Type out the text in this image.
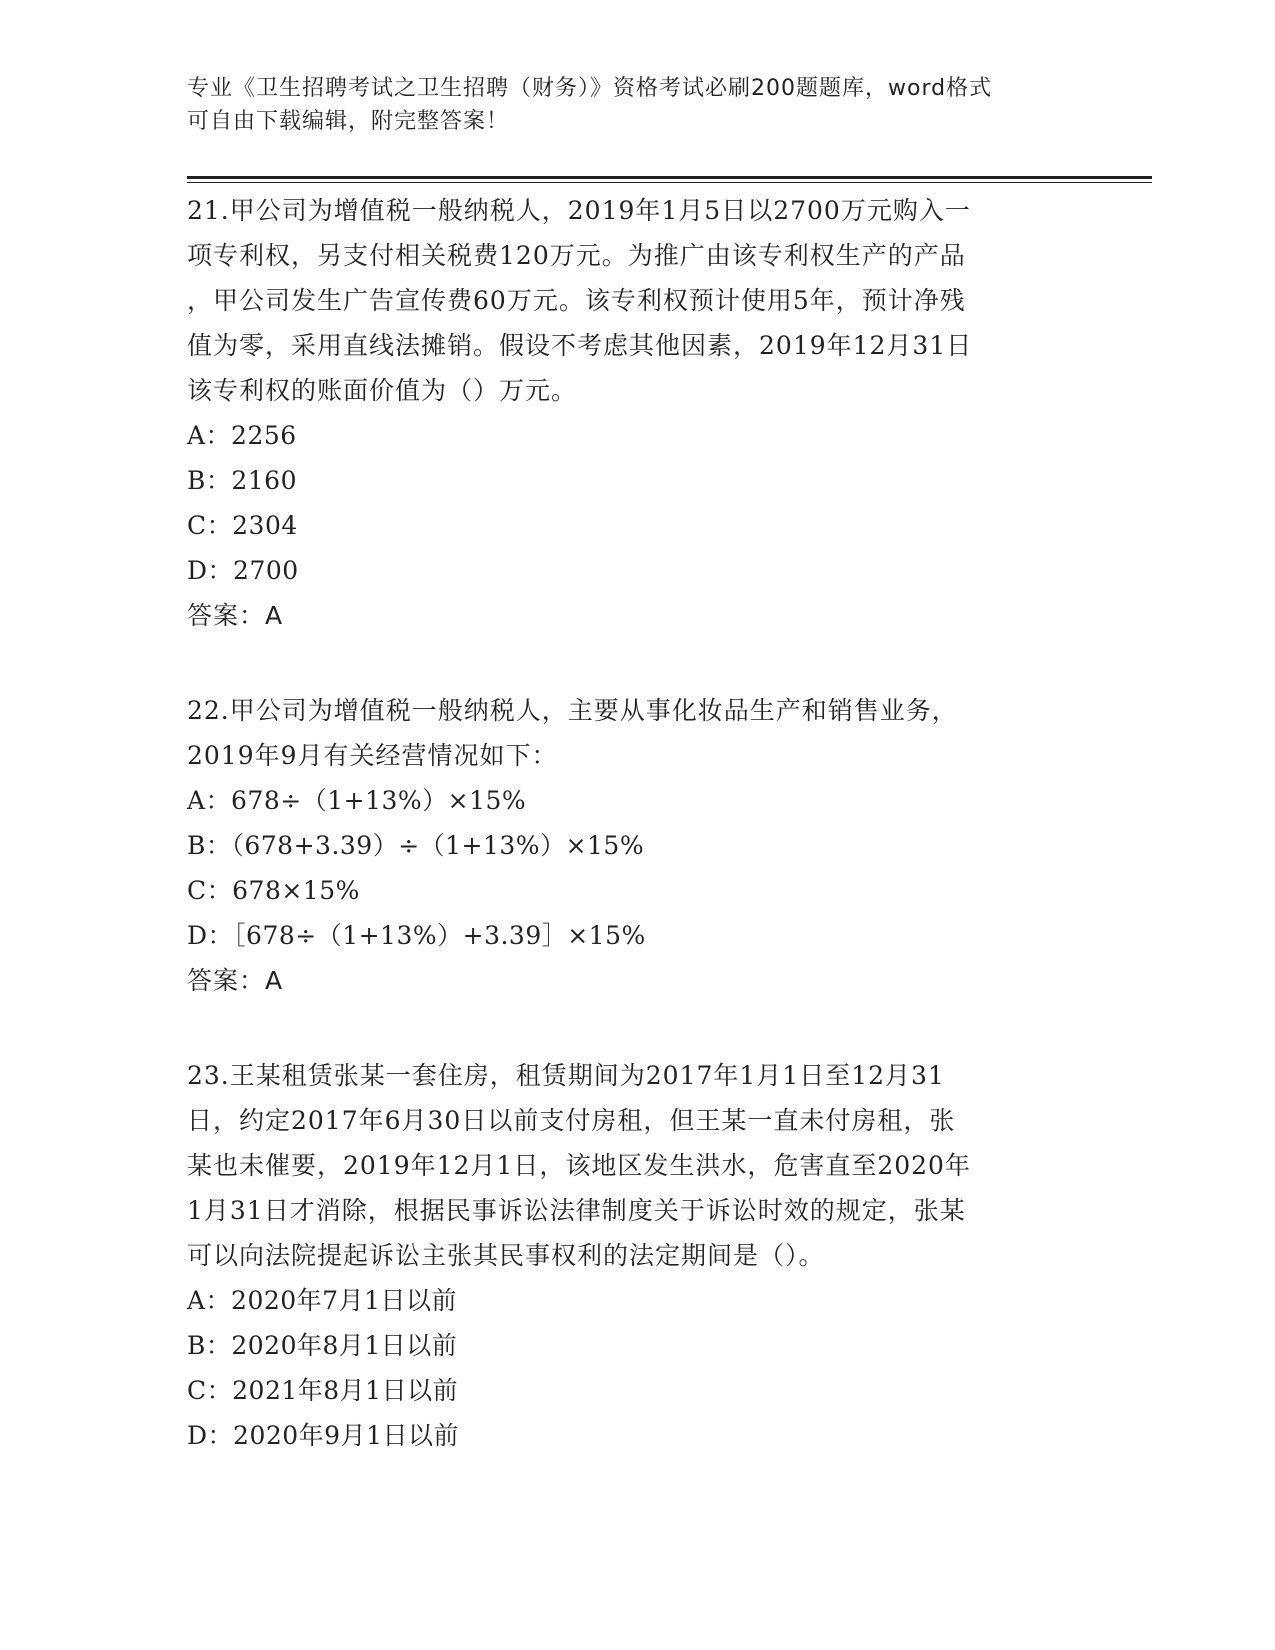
专业《卫生招聘考试之卫生招聘（财务）》资格考试必刷200题题库，word格式
可自由下载编辑，附完整答案！

21.甲公司为增值税一般纳税人，2019年1月5日以2700万元购入一

项专利权，另支付相关税费120万元。为推广由该专利权生产的产品

，甲公司发生广告宣传费60万元。该专利权预计使用5年，预计净残

值为零，采用直线法摊销。假设不考虑其他因素，2019年12月31日

该专利权的账面价值为（）万元。

A：2256

B：2160

C：2304

D：2700

答案：A

22.甲公司为增值税一般纳税人，主要从事化妆品生产和销售业务，

2019年9月有关经营情况如下：

A：678÷（1+13%）×15%

B：（678+3.39）÷（1+13%）×15%

C：678×15%

D：［678÷（1+13%）+3.39］×15%

答案：A

23.王某租赁张某一套住房，租赁期间为2017年1月1日至12月31

日，约定2017年6月30日以前支付房租，但王某一直未付房租，张

某也未催要，2019年12月1日，该地区发生洪水，危害直至2020年

1月31日才消除，根据民事诉讼法律制度关于诉讼时效的规定，张某

可以向法院提起诉讼主张其民事权利的法定期间是（）。

A：2020年7月1日以前

B：2020年8月1日以前

C：2021年8月1日以前

D：2020年9月1日以前
